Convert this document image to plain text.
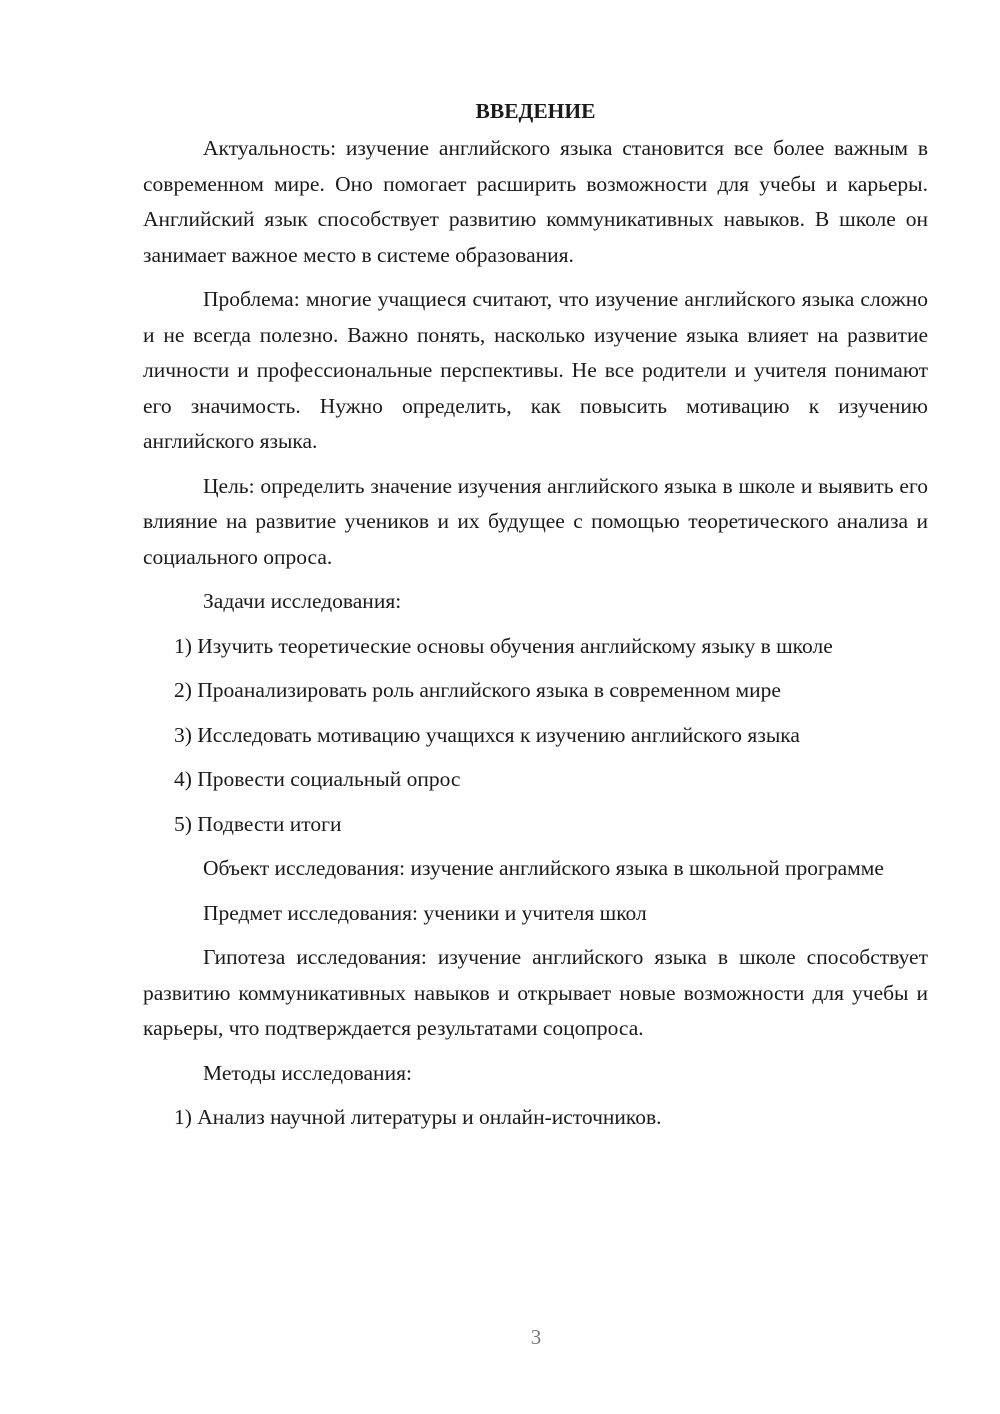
ВВЕДЕНИЕ

Актуальность: изучение английского языка становится все более важным в современном мире. Оно помогает расширить возможности для учебы и карьеры. Английский язык способствует развитию коммуникативных навыков. В школе он занимает важное место в системе образования.

Проблема: многие учащиеся считают, что изучение английского языка сложно и не всегда полезно. Важно понять, насколько изучение языка влияет на развитие личности и профессиональные перспективы. Не все родители и учителя понимают его значимость. Нужно определить, как повысить мотивацию к изучению английского языка.

Цель: определить значение изучения английского языка в школе и выявить его влияние на развитие учеников и их будущее с помощью теоретического анализа и социального опроса.

Задачи исследования:

1) Изучить теоретические основы обучения английскому языку в школе

2) Проанализировать роль английского языка в современном мире

3) Исследовать мотивацию учащихся к изучению английского языка

4) Провести социальный опрос

5) Подвести итоги

Объект исследования: изучение английского языка в школьной программе

Предмет исследования: ученики и учителя школ

Гипотеза исследования: изучение английского языка в школе способствует развитию коммуникативных навыков и открывает новые возможности для учебы и карьеры, что подтверждается результатами соцопроса.

Методы исследования:

1) Анализ научной литературы и онлайн-источников.

3
